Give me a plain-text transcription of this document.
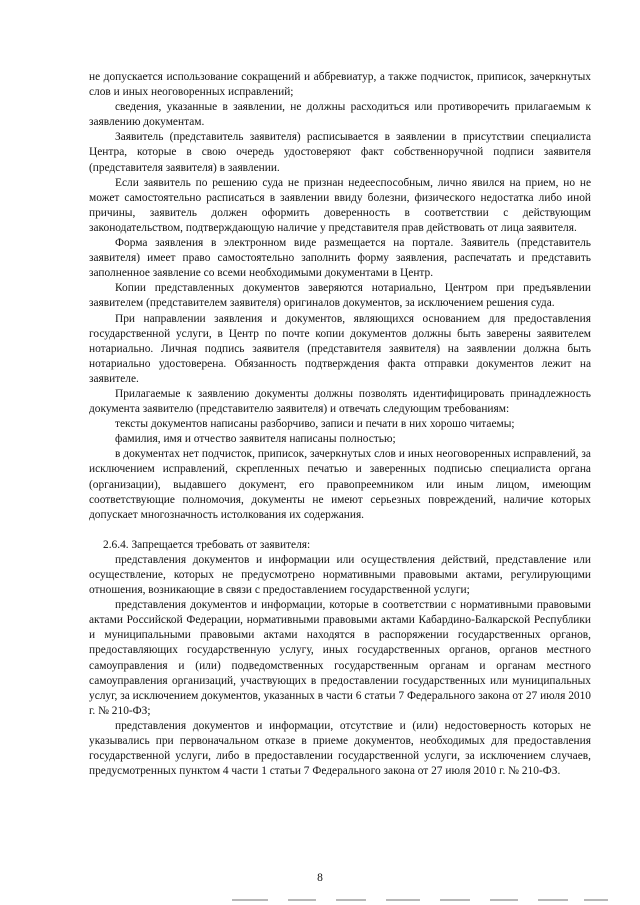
не допускается использование сокращений и аббревиатур, а также подчисток, приписок, зачеркнутых слов и иных неоговоренных исправлений;

сведения, указанные в заявлении, не должны расходиться или противоречить прилагаемым к заявлению документам.

Заявитель (представитель заявителя) расписывается в заявлении в присутствии специалиста Центра, которые в свою очередь удостоверяют факт собственноручной подписи заявителя (представителя заявителя) в заявлении.

Если заявитель по решению суда не признан недееспособным, лично явился на прием, но не может самостоятельно расписаться в заявлении ввиду болезни, физического недостатка либо иной причины, заявитель должен оформить доверенность в соответствии с действующим законодательством, подтверждающую наличие у представителя прав действовать от лица заявителя.

Форма заявления в электронном виде размещается на портале. Заявитель (представитель заявителя) имеет право самостоятельно заполнить форму заявления, распечатать и представить заполненное заявление со всеми необходимыми документами в Центр.

Копии представленных документов заверяются нотариально, Центром при предъявлении заявителем (представителем заявителя) оригиналов документов, за исключением решения суда.

При направлении заявления и документов, являющихся основанием для предоставления государственной услуги, в Центр по почте копии документов должны быть заверены заявителем нотариально. Личная подпись заявителя (представителя заявителя) на заявлении должна быть нотариально удостоверена. Обязанность подтверждения факта отправки документов лежит на заявителе.

Прилагаемые к заявлению документы должны позволять идентифицировать принадлежность документа заявителю (представителю заявителя) и отвечать следующим требованиям:

тексты документов написаны разборчиво, записи и печати в них хорошо читаемы;

фамилия, имя и отчество заявителя написаны полностью;

в документах нет подчисток, приписок, зачеркнутых слов и иных неоговоренных исправлений, за исключением исправлений, скрепленных печатью и заверенных подписью специалиста органа (организации), выдавшего документ, его правопреемником или иным лицом, имеющим соответствующие полномочия, документы не имеют серьезных повреждений, наличие которых допускает многозначность истолкования их содержания.

2.6.4. Запрещается требовать от заявителя:

представления документов и информации или осуществления действий, представление или осуществление, которых не предусмотрено нормативными правовыми актами, регулирующими отношения, возникающие в связи с предоставлением государственной услуги;

представления документов и информации, которые в соответствии с нормативными правовыми актами Российской Федерации, нормативными правовыми актами Кабардино-Балкарской Республики и муниципальными правовыми актами находятся в распоряжении государственных органов, предоставляющих государственную услугу, иных государственных органов, органов местного самоуправления и (или) подведомственных государственным органам и органам местного самоуправления организаций, участвующих в предоставлении государственных или муниципальных услуг, за исключением документов, указанных в части 6 статьи 7 Федерального закона от 27 июля 2010 г. № 210-ФЗ;

представления документов и информации, отсутствие и (или) недостоверность которых не указывались при первоначальном отказе в приеме документов, необходимых для предоставления государственной услуги, либо в предоставлении государственной услуги, за исключением случаев, предусмотренных пунктом 4 части 1 статьи 7 Федерального закона от 27 июля 2010 г. № 210-ФЗ.

8
